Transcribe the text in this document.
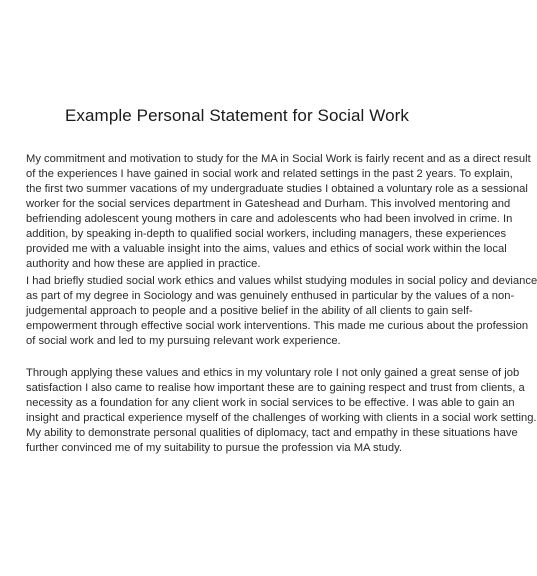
Example Personal Statement for Social Work
My commitment and motivation to study for the MA in Social Work is fairly recent and as a direct result
of the experiences I have gained in social work and related settings in the past 2 years. To explain,
the first two summer vacations of my undergraduate studies I obtained a voluntary role as a sessional
worker for the social services department in Gateshead and Durham. This involved mentoring and
befriending adolescent young mothers in care and adolescents who had been involved in crime. In
addition, by speaking in-depth to qualified social workers, including managers, these experiences
provided me with a valuable insight into the aims, values and ethics of social work within the local
authority and how these are applied in practice.
I had briefly studied social work ethics and values whilst studying modules in social policy and deviance
as part of my degree in Sociology and was genuinely enthused in particular by the values of a non-
judgemental approach to people and a positive belief in the ability of all clients to gain self-
empowerment through effective social work interventions. This made me curious about the profession
of social work and led to my pursuing relevant work experience.
Through applying these values and ethics in my voluntary role I not only gained a great sense of job
satisfaction I also came to realise how important these are to gaining respect and trust from clients, a
necessity as a foundation for any client work in social services to be effective. I was able to gain an
insight and practical experience myself of the challenges of working with clients in a social work setting.
My ability to demonstrate personal qualities of diplomacy, tact and empathy in these situations have
further convinced me of my suitability to pursue the profession via MA study.
